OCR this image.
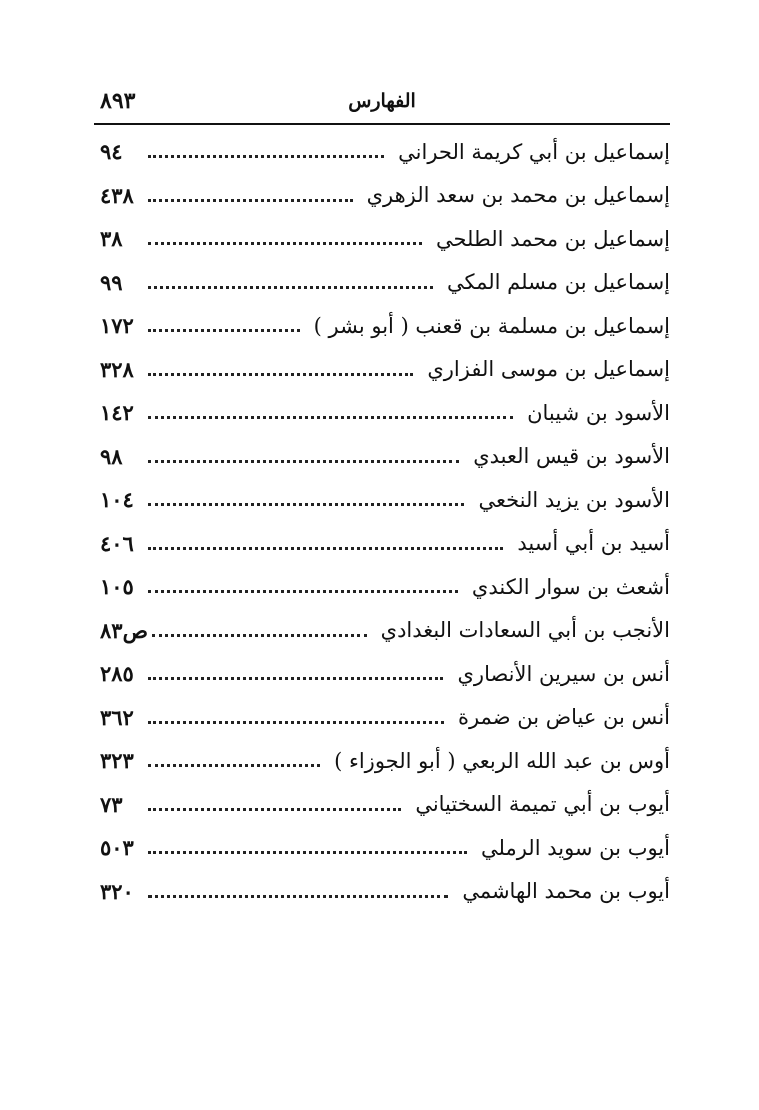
الفهارس
٨٩٣
إسماعيل بن أبي كريمة الحراني
٩٤
إسماعيل بن محمد بن سعد الزهري
٤٣٨
إسماعيل بن محمد الطلحي
٣٨
إسماعيل بن مسلم المكي
٩٩
إسماعيل بن مسلمة بن قعنب ( أبو بشر )
١٧٢
إسماعيل بن موسى الفزاري
٣٢٨
الأسود بن شيبان
١٤٢
الأسود بن قيس العبدي
٩٨
الأسود بن يزيد النخعي
١٠٤
أسيد بن أبي أسيد
٤٠٦
أشعث بن سوار الكندي
١٠٥
الأنجب بن أبي السعادات البغدادي
ص٨٣
أنس بن سيرين الأنصاري
٢٨٥
أنس بن عياض بن ضمرة
٣٦٢
أوس بن عبد الله الربعي ( أبو الجوزاء )
٣٢٣
أيوب بن أبي تميمة السختياني
٧٣
أيوب بن سويد الرملي
٥٠٣
أيوب بن محمد الهاشمي
٣٢٠
